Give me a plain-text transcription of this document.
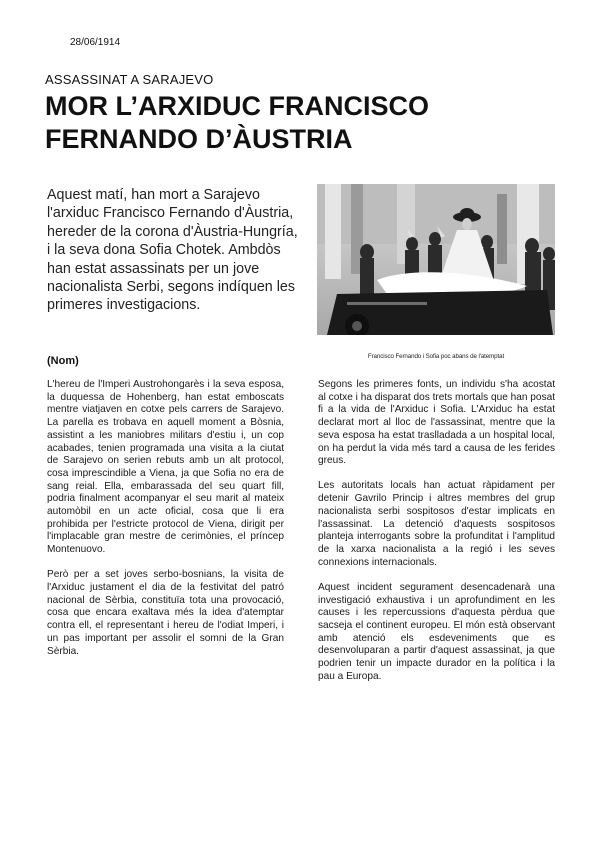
28/06/1914
ASSASSINAT A SARAJEVO
MOR L’ARXIDUC FRANCISCO
FERNANDO D’ÀUSTRIA
Aquest matí, han mort a Sarajevo l'arxiduc Francisco Fernando d'Àustria, hereder de la corona d'Àustria-Hungría, i la seva dona Sofia Chotek. Ambdòs han estat assassinats per un jove nacionalista Serbi, segons indíquen les primeres investigacions.
Francisco Fernando i Sofia poc abans de l'atemptat
(Nom)

L'hereu de l'Imperi Austrohongarès i la seva esposa, la duquessa de Hohenberg, han estat emboscats mentre viatjaven en cotxe pels carrers de Sarajevo. La parella es trobava en aquell moment a Bòsnia, assistint a les maniobres militars d'estiu i, un cop acabades, tenien programada una visita a la ciutat de Sarajevo on serien rebuts amb un alt protocol, cosa imprescindible a Viena, ja que Sofia no era de sang reial. Ella, embarassada del seu quart fill, podria finalment acompanyar el seu marit al mateix automòbil en un acte oficial, cosa que li era prohibida per l'estricte protocol de Viena, dirigit per l'implacable gran mestre de cerimònies, el príncep Montenuovo.

Però per a set joves serbo-bosnians, la visita de l'Arxiduc justament el dia de la festivitat del patró nacional de Sèrbia, constituïa tota una provocació, cosa que encara exaltava més la idea d'atemptar contra ell, el representant i hereu de l'odiat Imperi, i un pas important per assolir el somni de la Gran Sèrbia.

Segons les primeres fonts, un individu s'ha acostat al cotxe i ha disparat dos trets mortals que han posat fi a la vida de l'Arxiduc i Sofia. L'Arxiduc ha estat declarat mort al lloc de l'assassinat, mentre que la seva esposa ha estat traslladada a un hospital local, on ha perdut la vida més tard a causa de les ferides greus.

Les autoritats locals han actuat ràpidament per detenir Gavrilo Princip i altres membres del grup nacionalista serbi sospitosos d'estar implicats en l'assassinat. La detenció d'aquests sospitosos planteja interrogants sobre la profunditat i l'amplitud de la xarxa nacionalista a la regió i les seves connexions internacionals.

Aquest incident segurament desencadenarà una investigació exhaustiva i un aprofundiment en les causes i les repercussions d'aquesta pèrdua que sacseja el continent europeu. El món està observant amb atenció els esdeveniments que es desenvoluparan a partir d'aquest assassinat, ja que podrien tenir un impacte durador en la política i la pau a Europa.
